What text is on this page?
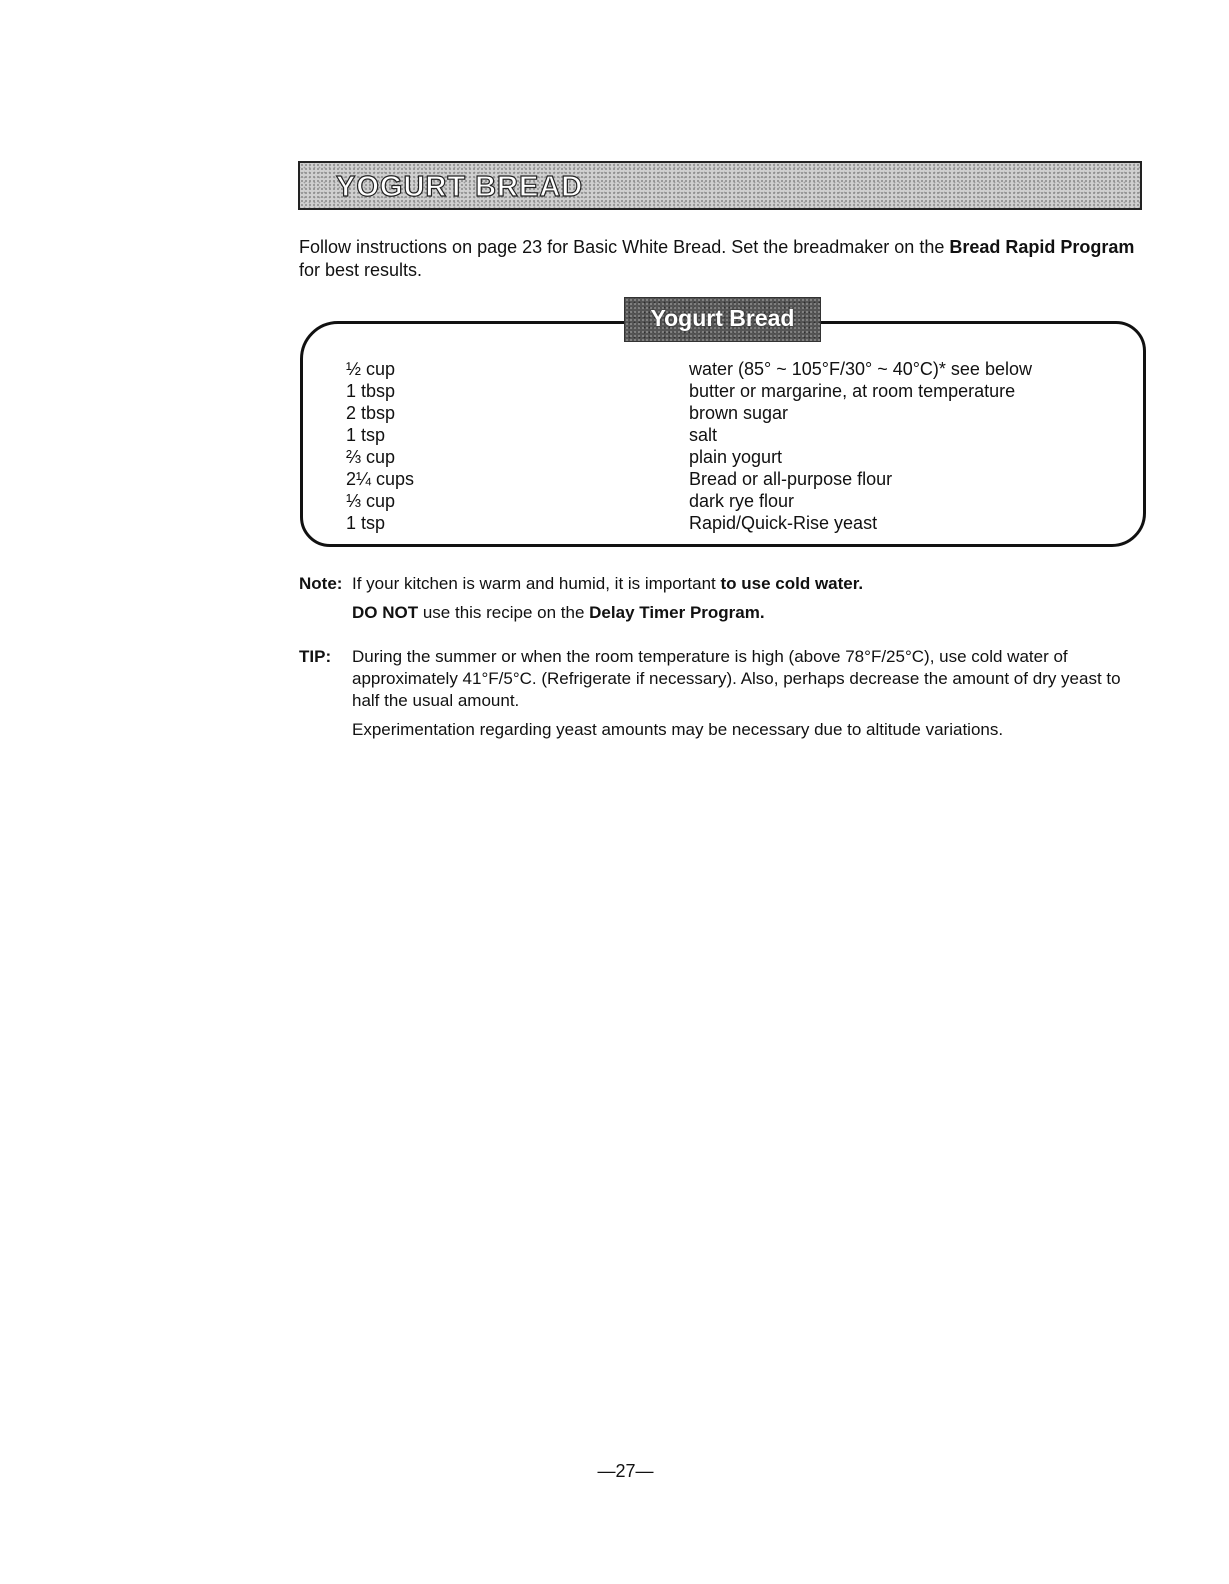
YOGURT BREAD
Follow instructions on page 23 for Basic White Bread. Set the breadmaker on the Bread Rapid Program for best results.
Yogurt Bread
½ cup	water (85° ~ 105°F/30° ~ 40°C)* see below
1 tbsp	butter or margarine, at room temperature
2 tbsp	brown sugar
1 tsp	salt
⅔ cup	plain yogurt
2¼ cups	Bread or all-purpose flour
⅓ cup	dark rye flour
1 tsp	Rapid/Quick-Rise yeast
Note: If your kitchen is warm and humid, it is important to use cold water.
DO NOT use this recipe on the Delay Timer Program.
TIP:	During the summer or when the room temperature is high (above 78°F/25°C), use cold water of approximately 41°F/5°C. (Refrigerate if necessary). Also, perhaps decrease the amount of dry yeast to half the usual amount.
Experimentation regarding yeast amounts may be necessary due to altitude variations.
—27—
